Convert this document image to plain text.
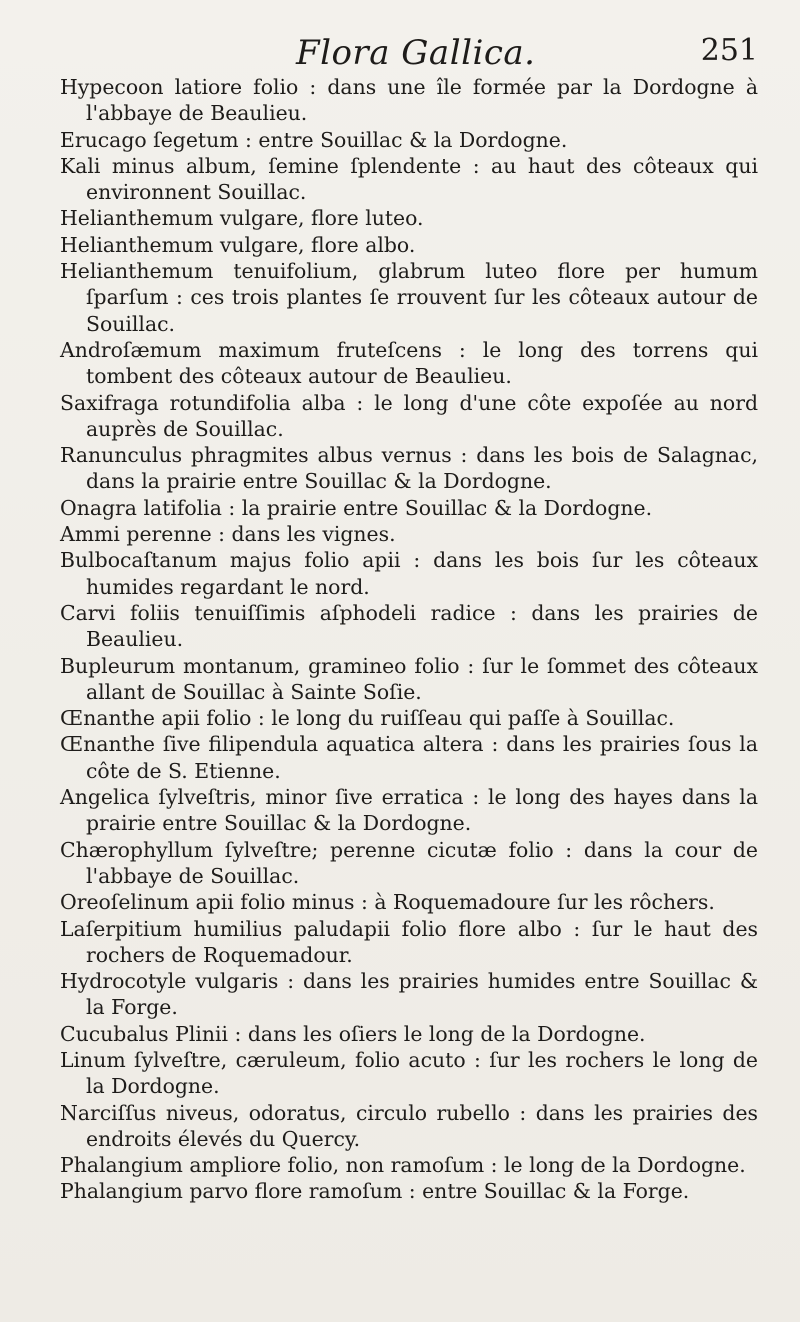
Flora Gallica.	251

Hypecoon latiore folio : dans une île formée par la Dordogne à l'abbaye de Beaulieu.

Erucago ſegetum : entre Souillac & la Dordogne.

Kali minus album, ſemine ſplendente : au haut des côteaux qui environnent Souillac.

Helianthemum vulgare, flore luteo.

Helianthemum vulgare, flore albo.

Helianthemum tenuifolium, glabrum luteo flore per humum ſparſum : ces trois plantes ſe rrouvent ſur les côteaux autour de Souillac.

Androſæmum maximum fruteſcens : le long des torrens qui tombent des côteaux autour de Beaulieu.

Saxifraga rotundifolia alba : le long d'une côte expoſée au nord auprès de Souillac.

Ranunculus phragmites albus vernus : dans les bois de Salagnac, dans la prairie entre Souillac & la Dordogne.

Onagra latifolia : la prairie entre Souillac & la Dordogne.

Ammi perenne : dans les vignes.

Bulbocaſtanum majus folio apii : dans les bois ſur les côteaux humides regardant le nord.

Carvi foliis tenuiſſimis aſphodeli radice : dans les prairies de Beaulieu.

Bupleurum montanum, gramineo folio : ſur le ſommet des côteaux allant de Souillac à Sainte Soſie.

Œnanthe apii folio : le long du ruiſſeau qui paſſe à Souillac.

Œnanthe ſive filipendula aquatica altera : dans les prairies ſous la côte de S. Etienne.

Angelica ſylveſtris, minor ſive erratica : le long des hayes dans la prairie entre Souillac & la Dordogne.

Chærophyllum ſylveſtre; perenne cicutæ folio : dans la cour de l'abbaye de Souillac.

Oreoſelinum apii folio minus : à Roquemadoure ſur les rôchers.

Laſerpitium humilius paludapii folio flore albo : ſur le haut des rochers de Roquemadour.

Hydrocotyle vulgaris : dans les prairies humides entre Souillac & la Forge.

Cucubalus Plinii : dans les oſiers le long de la Dordogne.

Linum ſylveſtre, cæruleum, folio acuto : ſur les rochers le long de la Dordogne.

Narciſſus niveus, odoratus, circulo rubello : dans les prairies des endroits élevés du Quercy.

Phalangium ampliore folio, non ramoſum : le long de la Dordogne.

Phalangium parvo flore ramoſum : entre Souillac & la Forge.
